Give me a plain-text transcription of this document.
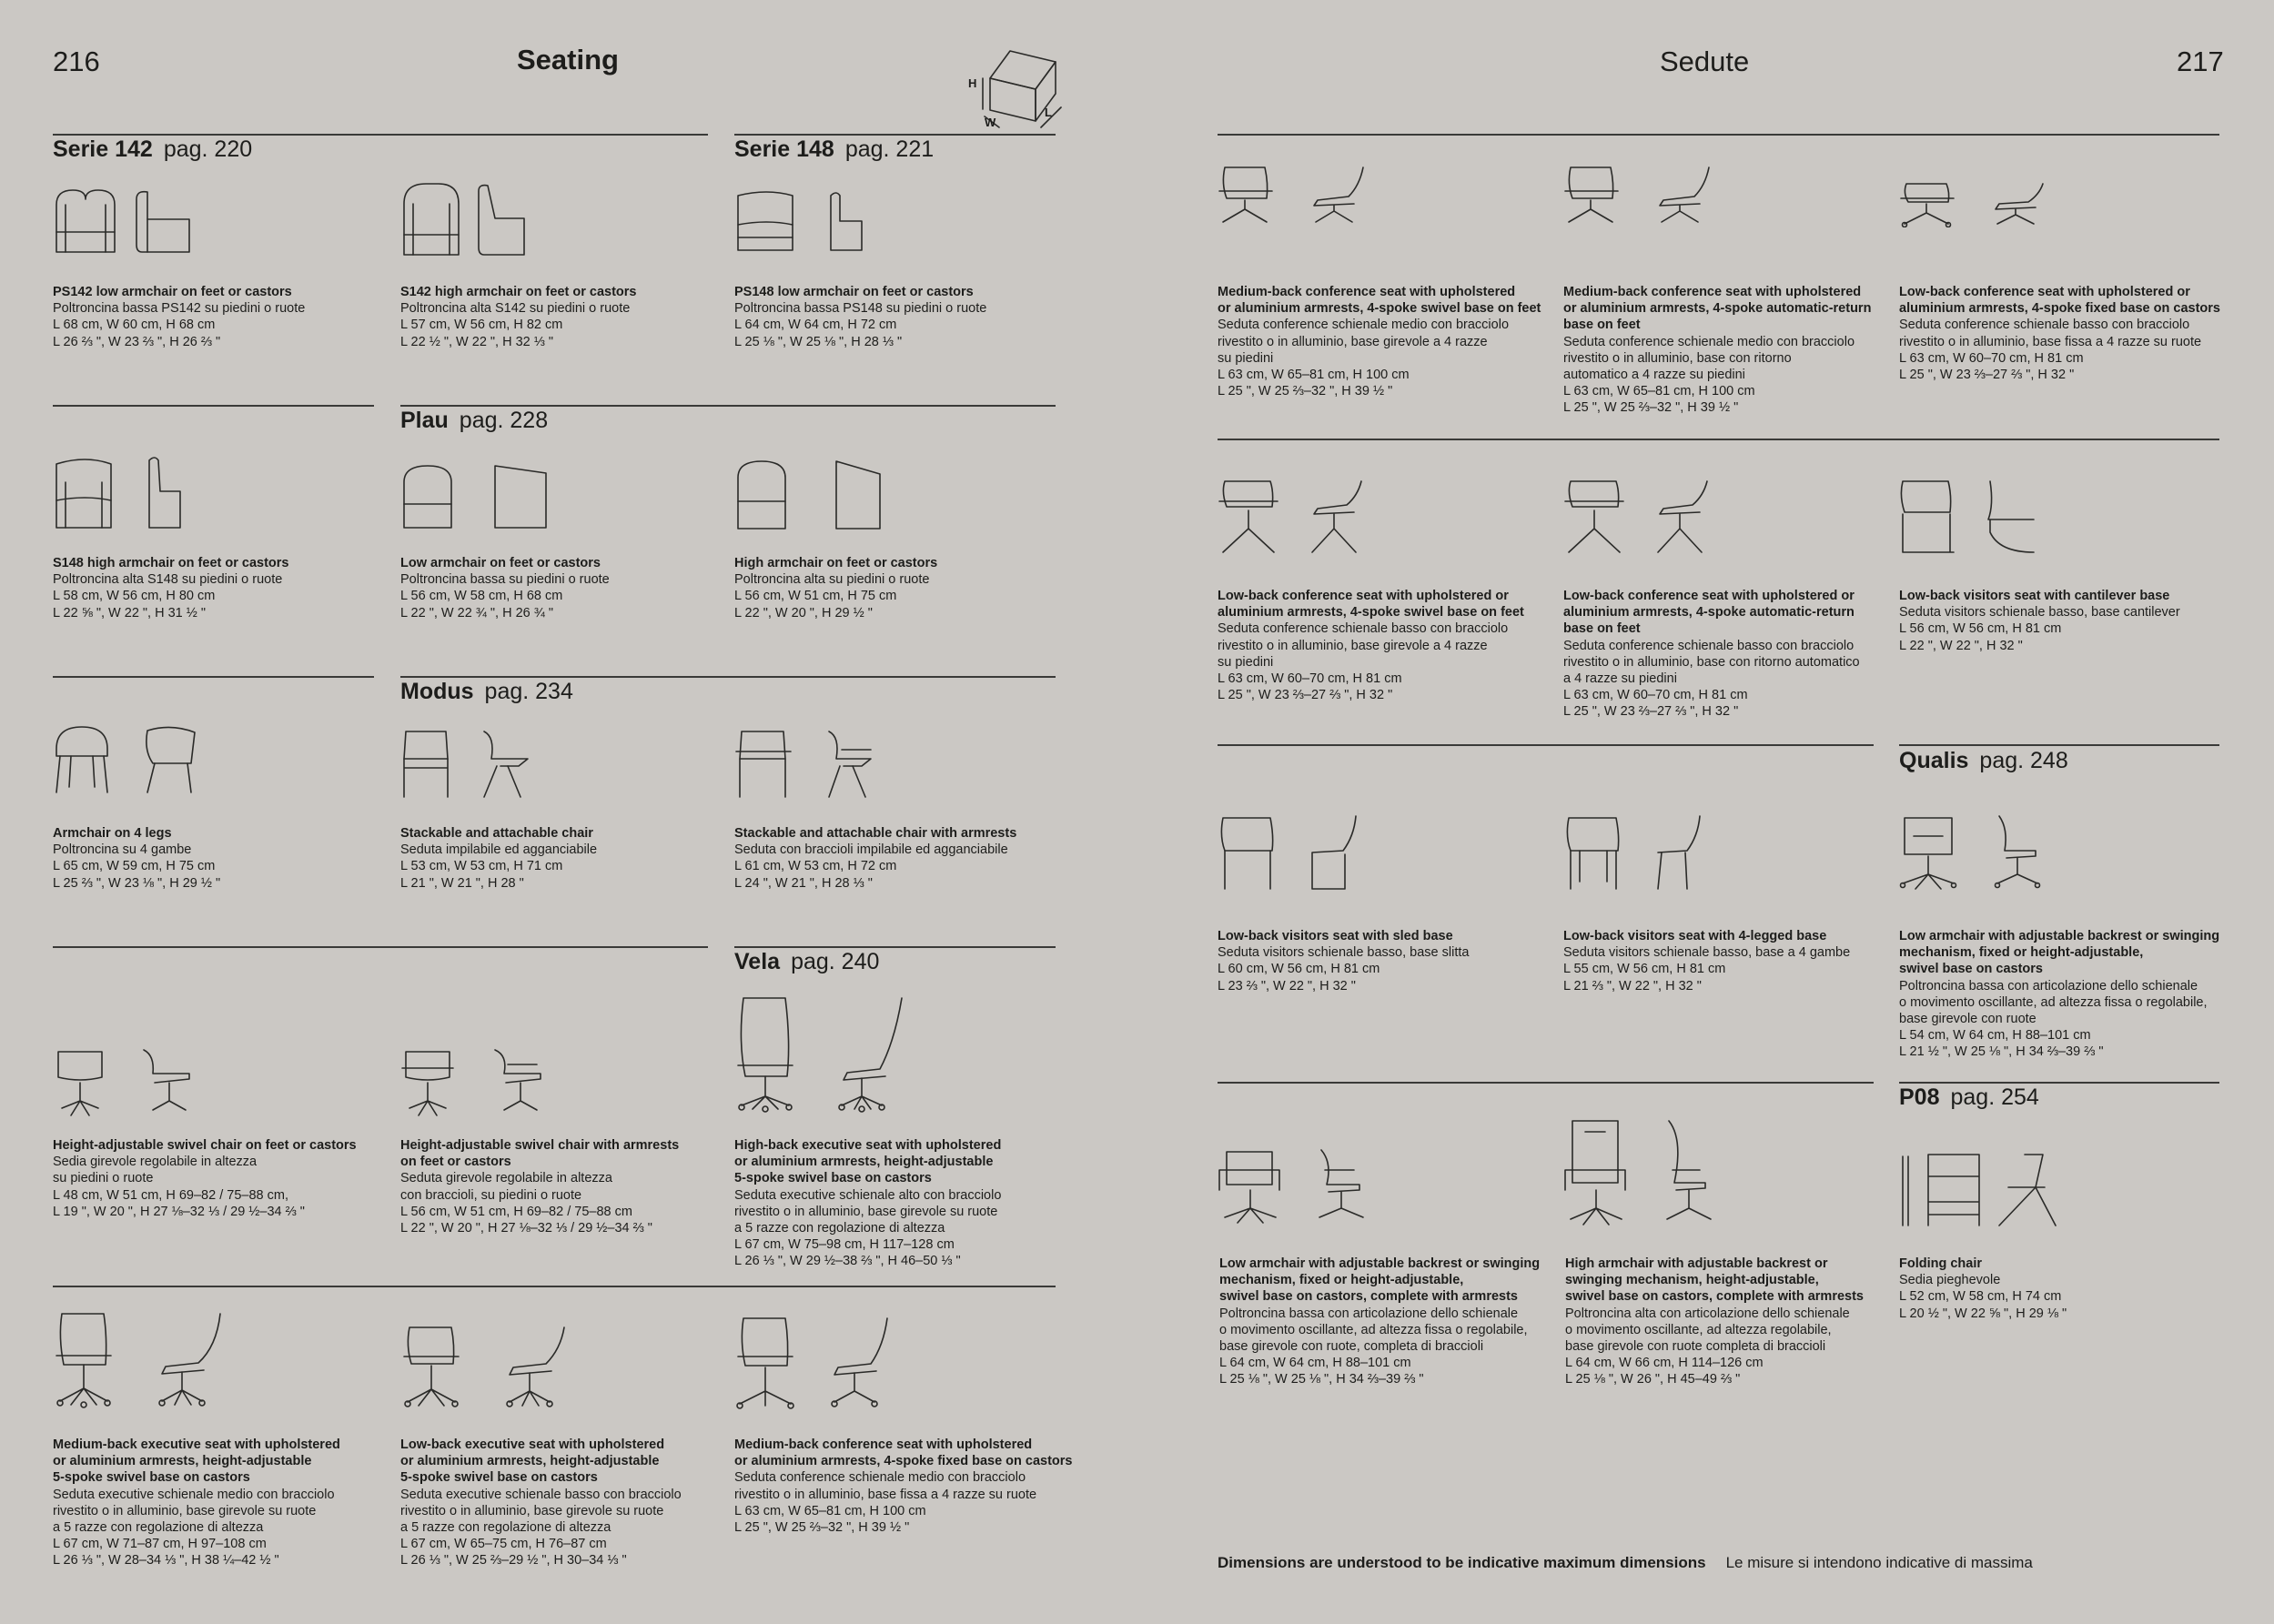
216	Seating
H
W
L
Serie 142 pag. 220	Serie 148 pag. 221
Plau pag. 228
Modus pag. 234
Vela pag. 240
PS142 low armchair on feet or castors
Poltroncina bassa PS142 su piedini o ruote
L 68 cm, W 60 cm, H 68 cm
L 26 ⅔ ", W 23 ⅔ ", H 26 ⅔ "
S142 high armchair on feet or castors
Poltroncina alta S142 su piedini o ruote
L 57 cm, W 56 cm, H 82 cm
L 22 ½ ", W 22 ", H 32 ⅓ "
PS148 low armchair on feet or castors
Poltroncina bassa PS148 su piedini o ruote
L 64 cm, W 64 cm, H 72 cm
L 25 ⅛ ", W 25 ⅛ ", H 28 ⅓ "
S148 high armchair on feet or castors
Poltroncina alta S148 su piedini o ruote
L 58 cm, W 56 cm, H 80 cm
L 22 ⅝ ", W 22 ", H 31 ½ "
Low armchair on feet or castors
Poltroncina bassa su piedini o ruote
L 56 cm, W 58 cm, H 68 cm
L 22 ", W 22 ¾ ", H 26 ¾ "
High armchair on feet or castors
Poltroncina alta su piedini o ruote
L 56 cm, W 51 cm, H 75 cm
L 22 ", W 20 ", H 29 ½ "
Armchair on 4 legs
Poltroncina su 4 gambe
L 65 cm, W 59 cm, H 75 cm
L 25 ⅔ ", W 23 ⅛ ", H 29 ½ "
Stackable and attachable chair
Seduta impilabile ed agganciabile
L 53 cm, W 53 cm, H 71 cm
L 21 ", W 21 ", H 28 "
Stackable and attachable chair with armrests
Seduta con braccioli impilabile ed agganciabile
L 61 cm, W 53 cm, H 72 cm
L 24 ", W 21 ", H 28 ⅓ "
Height-adjustable swivel chair on feet or castors
Sedia girevole regolabile in altezza
su piedini o ruote
L 48 cm, W 51 cm, H 69–82 / 75–88 cm,
L 19 ", W 20 ", H 27 ⅛–32 ⅓ / 29 ½–34 ⅔ "
Height-adjustable swivel chair with armrests
on feet or castors
Seduta girevole regolabile in altezza
con braccioli, su piedini o ruote
L 56 cm, W 51 cm, H 69–82 / 75–88 cm
L 22 ", W 20 ", H 27 ⅛–32 ⅓ / 29 ½–34 ⅔ "
High-back executive seat with upholstered
or aluminium armrests, height-adjustable
5-spoke swivel base on castors
Seduta executive schienale alto con bracciolo
rivestito o in alluminio, base girevole su ruote
a 5 razze con regolazione di altezza
L 67 cm, W 75–98 cm, H 117–128 cm
L 26 ⅓ ", W 29 ½–38 ⅔ ", H 46–50 ⅓ "
Medium-back executive seat with upholstered
or aluminium armrests, height-adjustable
5-spoke swivel base on castors
Seduta executive schienale medio con bracciolo
rivestito o in alluminio, base girevole su ruote
a 5 razze con regolazione di altezza
L 67 cm, W 71–87 cm, H 97–108 cm
L 26 ⅓ ", W 28–34 ⅓ ", H 38 ¼–42 ½ "
Low-back executive seat with upholstered
or aluminium armrests, height-adjustable
5-spoke swivel base on castors
Seduta executive schienale basso con bracciolo
rivestito o in alluminio, base girevole su ruote
a 5 razze con regolazione di altezza
L 67 cm, W 65–75 cm, H 76–87 cm
L 26 ⅓ ", W 25 ⅔–29 ½ ", H 30–34 ⅓ "
Medium-back conference seat with upholstered
or aluminium armrests, 4-spoke fixed base on castors
Seduta conference schienale medio con bracciolo
rivestito o in alluminio, base fissa a 4 razze su ruote
L 63 cm, W 65–81 cm, H 100 cm
L 25 ", W 25 ⅔–32 ", H 39 ½ "
Sedute	217
Qualis pag. 248
P08 pag. 254
Medium-back conference seat with upholstered
or aluminium armrests, 4-spoke swivel base on feet
Seduta conference schienale medio con bracciolo
rivestito o in alluminio, base girevole a 4 razze
su piedini
L 63 cm, W 65–81 cm, H 100 cm
L 25 ", W 25 ⅔–32 ", H 39 ½ "
Medium-back conference seat with upholstered
or aluminium armrests, 4-spoke automatic-return
base on feet
Seduta conference schienale medio con bracciolo
rivestito o in alluminio, base con ritorno
automatico a 4 razze su piedini
L 63 cm, W 65–81 cm, H 100 cm
L 25 ", W 25 ⅔–32 ", H 39 ½ "
Low-back conference seat with upholstered or
aluminium armrests, 4-spoke fixed base on castors
Seduta conference schienale basso con bracciolo
rivestito o in alluminio, base fissa a 4 razze su ruote
L 63 cm, W 60–70 cm, H 81 cm
L 25 ", W 23 ⅔–27 ⅔ ", H 32 "
Low-back conference seat with upholstered or
aluminium armrests, 4-spoke swivel base on feet
Seduta conference schienale basso con bracciolo
rivestito o in alluminio, base girevole a 4 razze
su piedini
L 63 cm, W 60–70 cm, H 81 cm
L 25 ", W 23 ⅔–27 ⅔ ", H 32 "
Low-back conference seat with upholstered or
aluminium armrests, 4-spoke automatic-return
base on feet
Seduta conference schienale basso con bracciolo
rivestito o in alluminio, base con ritorno automatico
a 4 razze su piedini
L 63 cm, W 60–70 cm, H 81 cm
L 25 ", W 23 ⅔–27 ⅔ ", H 32 "
Low-back visitors seat with cantilever base
Seduta visitors schienale basso, base cantilever
L 56 cm, W 56 cm, H 81 cm
L 22 ", W 22 ", H 32 "
Low-back visitors seat with sled base
Seduta visitors schienale basso, base slitta
L 60 cm, W 56 cm, H 81 cm
L 23 ⅔ ", W 22 ", H 32 "
Low-back visitors seat with 4-legged base
Seduta visitors schienale basso, base a 4 gambe
L 55 cm, W 56 cm, H 81 cm
L 21 ⅔ ", W 22 ", H 32 "
Low armchair with adjustable backrest or swinging
mechanism, fixed or height-adjustable,
swivel base on castors
Poltroncina bassa con articolazione dello schienale
o movimento oscillante, ad altezza fissa o regolabile,
base girevole con ruote
L 54 cm, W 64 cm, H 88–101 cm
L 21 ½ ", W 25 ⅛ ", H 34 ⅔–39 ⅔ "
Low armchair with adjustable backrest or swinging
mechanism, fixed or height-adjustable,
swivel base on castors, complete with armrests
Poltroncina bassa con articolazione dello schienale
o movimento oscillante, ad altezza fissa o regolabile,
base girevole con ruote, completa di braccioli
L 64 cm, W 64 cm, H 88–101 cm
L 25 ⅛ ", W 25 ⅛ ", H 34 ⅔–39 ⅔ "
High armchair with adjustable backrest or
swinging mechanism, height-adjustable,
swivel base on castors, complete with armrests
Poltroncina alta con articolazione dello schienale
o movimento oscillante, ad altezza regolabile,
base girevole con ruote completa di braccioli
L 64 cm, W 66 cm, H 114–126 cm
L 25 ⅛ ", W 26 ", H 45–49 ⅔ "
Folding chair
Sedia pieghevole
L 52 cm, W 58 cm, H 74 cm
L 20 ½ ", W 22 ⅝ ", H 29 ⅛ "
Dimensions are understood to be indicative maximum dimensions Le misure si intendono indicative di massima
